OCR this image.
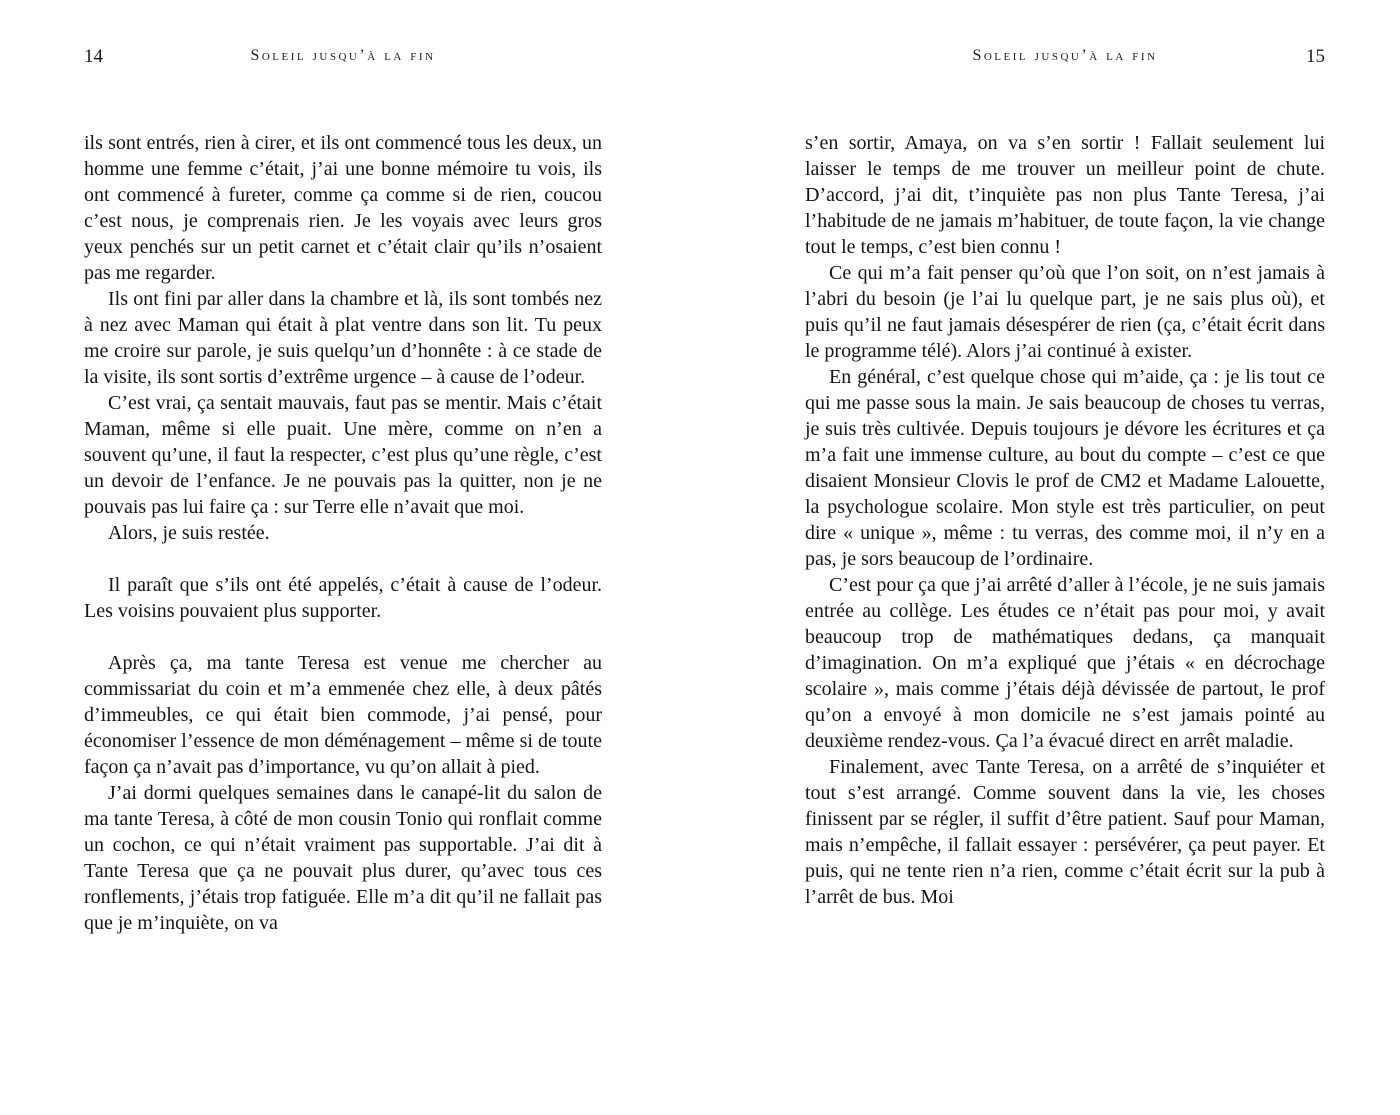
14	Soleil jusqu’à la fin

ils sont entrés, rien à cirer, et ils ont commencé tous les deux, un homme une femme c’était, j’ai une bonne mémoire tu vois, ils ont commencé à fureter, comme ça comme si de rien, coucou c’est nous, je comprenais rien. Je les voyais avec leurs gros yeux penchés sur un petit carnet et c’était clair qu’ils n’osaient pas me regarder.

Ils ont fini par aller dans la chambre et là, ils sont tombés nez à nez avec Maman qui était à plat ventre dans son lit. Tu peux me croire sur parole, je suis quelqu’un d’honnête : à ce stade de la visite, ils sont sortis d’extrême urgence – à cause de l’odeur.

C’est vrai, ça sentait mauvais, faut pas se mentir. Mais c’était Maman, même si elle puait. Une mère, comme on n’en a souvent qu’une, il faut la respecter, c’est plus qu’une règle, c’est un devoir de l’enfance. Je ne pouvais pas la quitter, non je ne pouvais pas lui faire ça : sur Terre elle n’avait que moi.

Alors, je suis restée.

Il paraît que s’ils ont été appelés, c’était à cause de l’odeur. Les voisins pouvaient plus supporter.

Après ça, ma tante Teresa est venue me chercher au commissariat du coin et m’a emmenée chez elle, à deux pâtés d’immeubles, ce qui était bien commode, j’ai pensé, pour économiser l’essence de mon déménagement – même si de toute façon ça n’avait pas d’importance, vu qu’on allait à pied.

J’ai dormi quelques semaines dans le canapé-lit du salon de ma tante Teresa, à côté de mon cousin Tonio qui ronflait comme un cochon, ce qui n’était vraiment pas supportable. J’ai dit à Tante Teresa que ça ne pouvait plus durer, qu’avec tous ces ronflements, j’étais trop fatiguée. Elle m’a dit qu’il ne fallait pas que je m’inquiète, on va

Soleil jusqu’à la fin	15

s’en sortir, Amaya, on va s’en sortir ! Fallait seulement lui laisser le temps de me trouver un meilleur point de chute. D’accord, j’ai dit, t’inquiète pas non plus Tante Teresa, j’ai l’habitude de ne jamais m’habituer, de toute façon, la vie change tout le temps, c’est bien connu !

Ce qui m’a fait penser qu’où que l’on soit, on n’est jamais à l’abri du besoin (je l’ai lu quelque part, je ne sais plus où), et puis qu’il ne faut jamais désespérer de rien (ça, c’était écrit dans le programme télé). Alors j’ai continué à exister.

En général, c’est quelque chose qui m’aide, ça : je lis tout ce qui me passe sous la main. Je sais beaucoup de choses tu verras, je suis très cultivée. Depuis toujours je dévore les écritures et ça m’a fait une immense culture, au bout du compte – c’est ce que disaient Monsieur Clovis le prof de CM2 et Madame Lalouette, la psychologue scolaire. Mon style est très particulier, on peut dire « unique », même : tu verras, des comme moi, il n’y en a pas, je sors beaucoup de l’ordinaire.

C’est pour ça que j’ai arrêté d’aller à l’école, je ne suis jamais entrée au collège. Les études ce n’était pas pour moi, y avait beaucoup trop de mathématiques dedans, ça manquait d’imagination. On m’a expliqué que j’étais « en décrochage scolaire », mais comme j’étais déjà dévissée de partout, le prof qu’on a envoyé à mon domicile ne s’est jamais pointé au deuxième rendez-vous. Ça l’a évacué direct en arrêt maladie.

Finalement, avec Tante Teresa, on a arrêté de s’inquiéter et tout s’est arrangé. Comme souvent dans la vie, les choses finissent par se régler, il suffit d’être patient. Sauf pour Maman, mais n’empêche, il fallait essayer : persévérer, ça peut payer. Et puis, qui ne tente rien n’a rien, comme c’était écrit sur la pub à l’arrêt de bus. Moi
